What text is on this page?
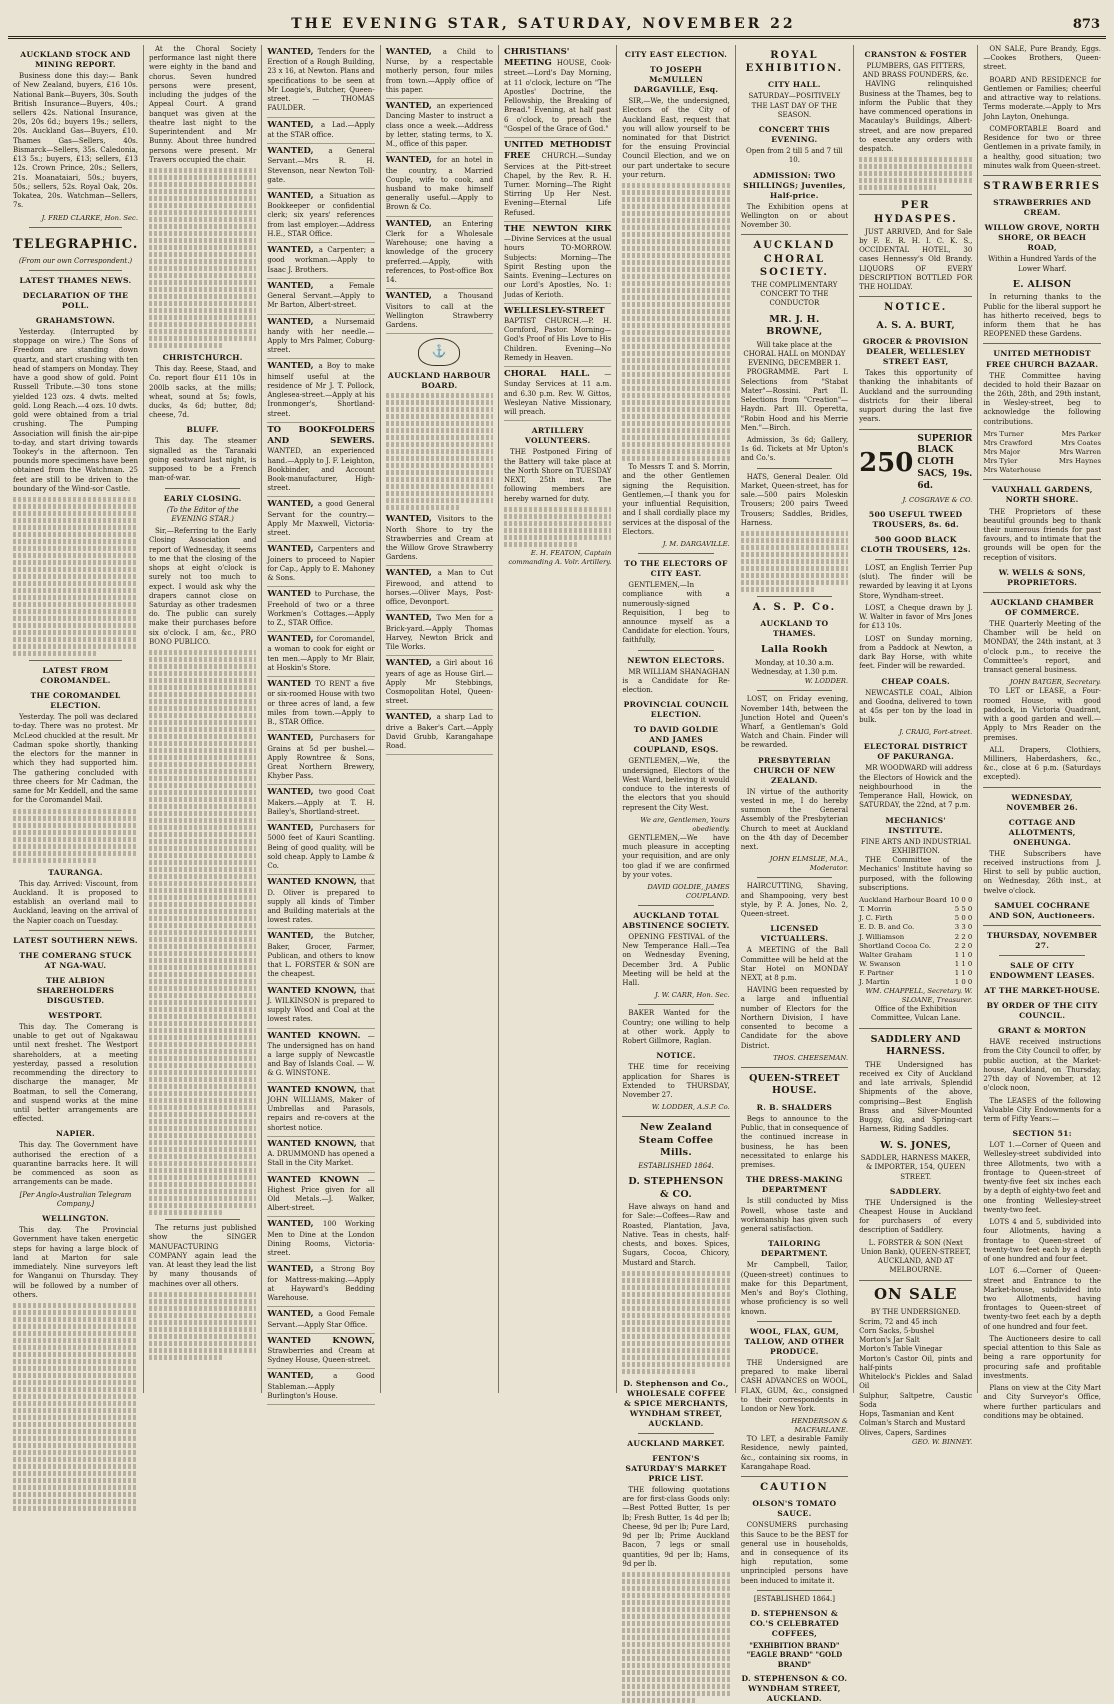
THE EVENING STAR, SATURDAY, NOVEMBER 22	873
AUCKLAND STOCK AND MINING REPORT.

Business done this day:— Bank of New Zealand, buyers, £16 10s. National Bank—Buyers, 30s. South British Insurance—Buyers, 40s.; sellers 42s. National Insurance, 20s, 20s 6d.; buyers 19s.; sellers, 20s. Auckland Gas—Buyers, £10. Thames Gas—Sellers, 40s. Bismarck—Sellers, 35s. Caledonia, £13 5s.; buyers, £13; sellers, £13 12s. Crown Prince, 20s.; Sellers, 21s. Moanataiari, 50s.; buyers, 50s.; sellers, 52s. Royal Oak, 20s. Tokatea, 20s. Watchman—Sellers, 7s.

J. FRED CLARKE, Hon. Sec.
TELEGRAPHIC.
(From our own Correspondent.)
LATEST THAMES NEWS.
DECLARATION OF THE POLL.
GRAHAMSTOWN.

Yesterday. (Interrupted by stoppage on wire.) The Sons of Freedom are standing down quartz, and start crushing with ten head of stampers on Monday. They have a good show of gold. Point Russell Tribute.—30 tons stone yielded 123 ozs. 4 dwts. melted gold. Long Reach.—4 ozs. 10 dwts. gold were obtained from a trial crushing. The Pumping Association will finish the air-pipe to-day, and start driving towards Tookey's in the afternoon. Ten pounds more specimens have been obtained from the Watchman. 25 feet are still to be driven to the boundary of the Wind-sor Castle.

LATEST FROM COROMANDEL.
THE COROMANDEL ELECTION.

Yesterday. The poll was declared to-day. There was no protest. Mr McLeod chuckled at the result. Mr Cadman spoke shortly, thanking the electors for the manner in which they had supported him. The gathering concluded with three cheers for Mr Cadman, the same for Mr Keddell, and the same for the Coromandel Mail.

TAURANGA.

This day. Arrived: Viscount, from Auckland. It is proposed to establish an overland mail to Auckland, leaving on the arrival of the Napier coach on Tuesday.

LATEST SOUTHERN NEWS.
THE COMERANG STUCK AT NGA-WAU.
THE ALBION SHAREHOLDERS DISGUSTED.
WESTPORT.

This day. The Comerang is unable to get out of Ngakawau until next freshet. The Westport shareholders, at a meeting yesterday, passed a resolution recommending the directory to discharge the manager, Mr Boatman, to sell the Comerang, and suspend works at the mine until better arrangements are effected.

NAPIER.

This day. The Government have authorised the erection of a quarantine barracks here. It will be commenced as soon as arrangements can be made.

[Per Anglo-Australian Telegram Company.]
WELLINGTON.

This day. The Provincial Government have taken energetic steps for having a large block of land at Marton for sale immediately. Nine surveyors left for Wanganui on Thursday. They will be followed by a number of others.

At the Choral Society performance last night there were eighty in the band and chorus. Seven hundred persons were present, including the judges of the Appeal Court. A grand banquet was given at the theatre last night to the Superintendent and Mr Bunny. About three hundred persons were present. Mr Travers occupied the chair.

CHRISTCHURCH.

This day. Reese, Staad, and Co. report flour £11 10s in 200lb sacks, at the mills; wheat, sound at 5s; fowls, ducks, 4s 6d; butter, 8d; cheese, 7d.

BLUFF.

This day. The steamer signalled as the Taranaki going eastward last night, is supposed to be a French man-of-war.

EARLY CLOSING.
(To the Editor of the EVENING STAR.)

Sir,—Referring to the Early Closing Association and report of Wednesday, it seems to me that the closing of the shops at eight o'clock is surely not too much to expect. I would ask why the drapers cannot close on Saturday as other tradesmen do. The public can surely make their purchases before six o'clock. I am, &c., PRO BONO PUBLICO.

The returns just published show the SINGER MANUFACTURING COMPANY again lead the van. At least they lead the list by many thousands of machines over all others.

WANTED, Tenders for the Erection of a Rough Building, 23 x 16, at Newton. Plans and specifications to be seen at Mr Loagie's, Butcher, Queen-street. — THOMAS FAULDER.
WANTED, a Lad.—Apply at the STAR office.
WANTED, a General Servant.—Mrs R. H. Stevenson, near Newton Toll-gate.
WANTED, a Situation as Bookkeeper or confidential clerk; six years' references from last employer.—Address H.E., STAR Office.
WANTED, a Carpenter; a good workman.—Apply to Isaac J. Brothers.
WANTED, a Female General Servant.—Apply to Mr Barton, Albert-street.
WANTED, a Nursemaid handy with her needle.—Apply to Mrs Palmer, Coburg-street.
WANTED, a Boy to make himself useful at the residence of Mr J. T. Pollock, Anglesea-street.—Apply at his Ironmonger's, Shortland-street.
TO BOOKFOLDERS AND SEWERS. WANTED, an experienced hand.—Apply to J. F. Leighton, Bookbinder, and Account Book-manufacturer, High-street.
WANTED, a good General Servant for the country.—Apply Mr Maxwell, Victoria-street.
WANTED, Carpenters and Joiners to proceed to Napier for Cap., Apply to E. Mahoney & Sons.
WANTED to Purchase, the Freehold of two or a three Workmen's Cottages.—Apply to Z., STAR Office.
WANTED, for Coromandel, a woman to cook for eight or ten men.—Apply to Mr Blair, at Hoskin's Store.
WANTED TO RENT a five or six-roomed House with two or three acres of land, a few miles from town.—Apply to B., STAR Office.
WANTED, Purchasers for Grains at 5d per bushel.—Apply Rowntree & Sons, Great Northern Brewery, Khyber Pass.
WANTED, two good Coat Makers.—Apply at T. H. Bailey's, Shortland-street.
WANTED, Purchasers for 5000 feet of Kauri Scantling. Being of good quality, will be sold cheap. Apply to Lambe & Co.
WANTED KNOWN, that D. Oliver is prepared to supply all kinds of Timber and Building materials at the lowest rates.
WANTED, the Butcher, Baker, Grocer, Farmer, Publican, and others to know that L. FORSTER & SON are the cheapest.
WANTED KNOWN, that J. WILKINSON is prepared to supply Wood and Coal at the lowest rates.
WANTED KNOWN. —The undersigned has on hand a large supply of Newcastle and Bay of Islands Coal. — W. & G. WINSTONE.
WANTED KNOWN, that JOHN WILLIAMS, Maker of Umbrellas and Parasols, repairs and re-covers at the shortest notice.
WANTED KNOWN, that A. DRUMMOND has opened a Stall in the City Market.
WANTED KNOWN —Highest Price given for all Old Metals.—J. Walker, Albert-street.
WANTED, 100 Working Men to Dine at the London Dining Rooms, Victoria-street.
WANTED, a Strong Boy for Mattress-making.—Apply at Hayward's Bedding Warehouse.
WANTED, a Good Female Servant.—Apply Star Office.
WANTED KNOWN, Strawberries and Cream at Sydney House, Queen-street.
WANTED, a Good Stableman.—Apply Burlington's House.
WANTED, a Child to Nurse, by a respectable motherly person, four miles from town.—Apply office of this paper.
WANTED, an experienced Dancing Master to instruct a class once a week.—Address by letter, stating terms, to X. M., office of this paper.
WANTED, for an hotel in the country, a Married Couple, wife to cook, and husband to make himself generally useful.—Apply to Brown & Co.
WANTED, an Entering Clerk for a Wholesale Warehouse; one having a knowledge of the grocery preferred.—Apply, with references, to Post-office Box 14.
WANTED, a Thousand Visitors to call at the Wellington Strawberry Gardens.
⚓
AUCKLAND HARBOUR BOARD.
WANTED, Visitors to the North Shore to try the Strawberries and Cream at the Willow Grove Strawberry Gardens.
WANTED, a Man to Cut Firewood, and attend to horses.—Oliver Mays, Post-office, Devonport.
WANTED, Two Men for a Brick-yard.—Apply Thomas Harvey, Newton Brick and Tile Works.
WANTED, a Girl about 16 years of age as House Girl.—Apply Mr Stebbings, Cosmopolitan Hotel, Queen-street.
WANTED, a sharp Lad to drive a Baker's Cart.—Apply David Grubb, Karangahape Road.
CHRISTIANS' MEETING HOUSE, Cook-street.—Lord's Day Morning, at 11 o'clock, lecture on "The Apostles' Doctrine, the Fellowship, the Breaking of Bread." Evening, at half past 6 o'clock, to preach the "Gospel of the Grace of God."
UNITED METHODIST FREE CHURCH.—Sunday Services at the Pitt-street Chapel, by the Rev. R. H. Turner. Morning—The Right Stirring Up Her Nest. Evening—Eternal Life Refused.
THE NEWTON KIRK —Divine Services at the usual hours TO-MORROW. Subjects: Morning—The Spirit Resting upon the Saints. Evening—Lectures on our Lord's Apostles, No. 1: Judas of Kerioth.
WELLESLEY-STREET BAPTIST CHURCH.—P. H. Cornford, Pastor. Morning—God's Proof of His Love to His Children. Evening—No Remedy in Heaven.
CHORAL HALL. —Sunday Services at 11 a.m. and 6.30 p.m. Rev. W. Gittos, Wesleyan Native Missionary, will preach.
ARTILLERY VOLUNTEERS.

THE Postponed Firing of the Battery will take place at the North Shore on TUESDAY NEXT, 25th inst. The following members are hereby warned for duty.

E. H. FEATON, Captain commanding A. Volr. Artillery.
CITY EAST ELECTION.
TO JOSEPH McMULLEN DARGAVILLE, Esq.

SIR,—We, the undersigned, Electors of the City of Auckland East, request that you will allow yourself to be nominated for that District for the ensuing Provincial Council Election, and we on our part undertake to secure your return.

To Messrs T. and S. Morrin, and the other Gentlemen signing the Requisition. Gentlemen,—I thank you for your influential Requisition, and I shall cordially place my services at the disposal of the Electors.

J. M. DARGAVILLE.
TO THE ELECTORS OF CITY EAST.

GENTLEMEN,—In compliance with a numerously-signed Requisition, I beg to announce myself as a Candidate for election. Yours, faithfully,

NEWTON ELECTORS.

MR WILLIAM SHANAGHAN is a Candidate for Re-election.

PROVINCIAL COUNCIL ELECTION.
TO DAVID GOLDIE AND JAMES COUPLAND, ESQS.

GENTLEMEN,—We, the undersigned, Electors of the West Ward, believing it would conduce to the interests of the electors that you should represent the City West.

We are, Gentlemen, Yours obediently.

GENTLEMEN,—We have much pleasure in accepting your requisition, and are only too glad if we are confirmed by your votes.

DAVID GOLDIE, JAMES COUPLAND.
AUCKLAND TOTAL ABSTINENCE SOCIETY.

OPENING FESTIVAL of the New Temperance Hall.—Tea on Wednesday Evening, December 3rd. A Public Meeting will be held at the Hall.

J. W. CARR, Hon. Sec.

BAKER Wanted for the Country; one willing to help at other work. Apply to Robert Gillmore, Raglan.

NOTICE.

THE time for receiving application for Shares is Extended to THURSDAY, November 27.

W. LODDER, A.S.P. Co.
New Zealand Steam Coffee Mills.
ESTABLISHED 1864.
D. STEPHENSON & CO.

Have always on hand and for Sale:—Coffees—Raw and Roasted, Plantation, Java, Native. Teas in chests, half-chests, and boxes. Spices, Sugars, Cocoa, Chicory, Mustard and Starch.

D. Stephenson and Co., WHOLESALE COFFEE & SPICE MERCHANTS, WYNDHAM STREET, AUCKLAND.
AUCKLAND MARKET.
FENTON'S SATURDAY'S MARKET PRICE LIST.

THE following quotations are for first-class Goods only:—Best Potted Butter, 1s per lb; Fresh Butter, 1s 4d per lb; Cheese, 9d per lb; Pure Lard, 9d per lb; Prime Auckland Bacon, 7 legs or small quantities, 9d per lb; Hams, 9d per lb.

ROYAL EXHIBITION.
CITY HALL.
SATURDAY—POSITIVELY THE LAST DAY OF THE SEASON.
CONCERT THIS EVENING.
Open from 2 till 5 and 7 till 10.
ADMISSION: TWO SHILLINGS; Juveniles, Half-price.

The Exhibition opens at Wellington on or about November 30.

AUCKLAND CHORAL SOCIETY.
THE COMPLIMENTARY CONCERT TO THE CONDUCTOR
MR. J. H. BROWNE,
Will take place at the CHORAL HALL on MONDAY EVENING, DECEMBER 1.

PROGRAMME. Part I. Selections from "Stabat Mater"—Rossini. Part II. Selections from "Creation"—Haydn. Part III. Operetta, "Robin Hood and his Merrie Men."—Birch.

Admission, 3s 6d; Gallery, 1s 6d. Tickets at Mr Upton's and Co.'s.

HATS, General Dealer. Old Market, Queen-street, has for sale.—500 pairs Moleskin Trousers; 200 pairs Tweed Trousers; Saddles, Bridles, Harness.

A. S. P. Co.
AUCKLAND TO THAMES.
Lalla Rookh
Monday, at 10.30 a.m. Wednesday, at 1.30 p.m.
W. LODDER.

LOST, on Friday evening, November 14th, between the Junction Hotel and Queen's Wharf, a Gentleman's Gold Watch and Chain. Finder will be rewarded.

PRESBYTERIAN CHURCH OF NEW ZEALAND.

IN virtue of the authority vested in me, I do hereby summon the General Assembly of the Presbyterian Church to meet at Auckland on the 4th day of December next.

JOHN ELMSLIE, M.A., Moderator.

HAIRCUTTING, Shaving, and Shampooing, very best style, by P. A. Jones, No. 2, Queen-street.

LICENSED VICTUALLERS.

A MEETING of the Ball Committee will be held at the Star Hotel on MONDAY NEXT, at 8 p.m.

HAVING been requested by a large and influential number of Electors for the Northern Division, I have consented to become a Candidate for the above District.

THOS. CHEESEMAN.
QUEEN-STREET HOUSE.
R. B. SHALDERS

Begs to announce to the Public, that in consequence of the continued increase in business, he has been necessitated to enlarge his premises.

THE DRESS-MAKING DEPARTMENT

Is still conducted by Miss Powell, whose taste and workmanship has given such general satisfaction.

TAILORING DEPARTMENT.

Mr Campbell, Tailor, (Queen-street) continues to make for this Department, Men's and Boy's Clothing, whose proficiency is so well known.

WOOL, FLAX, GUM, TALLOW, AND OTHER PRODUCE.

THE Undersigned are prepared to make liberal CASH ADVANCES on WOOL, FLAX, GUM, &c., consigned to their correspondents in London or New York.

HENDERSON & MACFARLANE.

TO LET, a desirable Family Residence, newly painted, &c., containing six rooms, in Karangahape Road.

CAUTION
OLSON'S TOMATO SAUCE.

CONSUMERS purchasing this Sauce to be the BEST for general use in households, and in consequence of its high reputation, some unprincipled persons have been induced to imitate it.

[ESTABLISHED 1864.]
D. STEPHENSON & CO.'S CELEBRATED COFFEES,
"EXHIBITION BRAND" "EAGLE BRAND" "GOLD BRAND"
D. STEPHENSON & CO. WYNDHAM STREET, AUCKLAND.
CRANSTON & FOSTER
PLUMBERS, GAS FITTERS, AND BRASS FOUNDERS, &c.

HAVING relinquished Business at the Thames, beg to inform the Public that they have commenced operations in Macaulay's Buildings, Albert-street, and are now prepared to execute any orders with despatch.

PER HYDASPES.

JUST ARRIVED, And for Sale by F. E. R. H. I. C. K. S., OCCIDENTAL HOTEL, 30 cases Hennessy's Old Brandy. LIQUORS OF EVERY DESCRIPTION BOTTLED FOR THE HOLIDAY.

NOTICE.
A. S. A. BURT,
GROCER & PROVISION DEALER, WELLESLEY STREET EAST,

Takes this opportunity of thanking the inhabitants of Auckland and the surrounding districts for their liberal support during the last five years.

250
SUPERIOR BLACK CLOTH SACS, 19s. 6d.
J. COSGRAVE & CO.
500 USEFUL TWEED TROUSERS, 8s. 6d.
500 GOOD BLACK CLOTH TROUSERS, 12s.

LOST, an English Terrier Pup (slut). The finder will be rewarded by leaving it at Lyons Store, Wyndham-street.

LOST, a Cheque drawn by J. W. Walter in favor of Mrs Jones for £13 10s.

LOST on Sunday morning, from a Paddock at Newton, a dark Bay Horse, with white feet. Finder will be rewarded.

CHEAP COALS.

NEWCASTLE COAL, Albion and Goodna, delivered to town at 45s per ton by the load in bulk.

J. CRAIG, Fort-street.
ELECTORAL DISTRICT OF PAKURANGA.

MR WOODWARD will address the Electors of Howick and the neighbourhood in the Temperance Hall, Howick, on SATURDAY, the 22nd, at 7 p.m.

MECHANICS' INSTITUTE.
FINE ARTS AND INDUSTRIAL EXHIBITION.

THE Committee of the Mechanics' Institute having so purposed, with the following subscriptions.

Auckland Harbour Board 10 0 0
T. Morrin	5 5 0
J. C. Firth	5 0 0
E. D. B. and Co.	3 3 0
J. Williamson	2 2 0
Shortland Cocoa Co.	2 2 0
Walter Graham	1 1 0
W. Swanson	1 1 0
F. Partner	1 1 0
J. Martin	1 0 0
WM. CHAPPELL, Secretary. W. SLOANE, Treasurer.
Office of the Exhibition Committee, Vulcan Lane.
SADDLERY AND HARNESS.

THE Undersigned has received ex City of Auckland and late arrivals, Splendid Shipments of the above, comprising—Best English Brass and Silver-Mounted Buggy, Gig, and Spring-cart Harness, Riding Saddles.

W. S. JONES,
SADDLER, HARNESS MAKER, & IMPORTER, 154, QUEEN STREET.
SADDLERY.

THE Undersigned is the Cheapest House in Auckland for purchasers of every description of Saddlery.

L. FORSTER & SON (Next Union Bank), QUEEN-STREET, AUCKLAND, AND AT MELBOURNE.
ON SALE
BY THE UNDERSIGNED.
Scrim, 72 and 45 inch
Corn Sacks, 5-bushel
Morton's Jar Salt
Morton's Table Vinegar
Morton's Castor Oil, pints and half-pints
Whitelock's Pickles and Salad Oil
Sulphur, Saltpetre, Caustic Soda
Hops, Tasmanian and Kent
Colman's Starch and Mustard
Olives, Capers, Sardines
GEO. W. BINNEY.

ON SALE, Pure Brandy, Eggs. —Cookes Brothers, Queen-street.

BOARD AND RESIDENCE for Gentlemen or Families; cheerful and attractive way to relations. Terms moderate.—Apply to Mrs John Layton, Onehunga.

COMFORTABLE Board and Residence for two or three Gentlemen in a private family, in a healthy, good situation; two minutes walk from Queen-street.

STRAWBERRIES
STRAWBERRIES AND CREAM.
WILLOW GROVE, NORTH SHORE, OR BEACH ROAD,
Within a Hundred Yards of the Lower Wharf.
E. ALISON

In returning thanks to the Public for the liberal support he has hitherto received, begs to inform them that he has REOPENED these Gardens.

UNITED METHODIST FREE CHURCH BAZAAR.

THE Committee having decided to hold their Bazaar on the 26th, 28th, and 29th instant, in Wesley-street, beg to acknowledge the following contributions.

Mrs Turner	Mrs Parker
Mrs Crawford	Mrs Coates
Mrs Major	Mrs Warren
Mrs Tyler	Mrs Haynes
Mrs Waterhouse
VAUXHALL GARDENS, NORTH SHORE.

THE Proprietors of these beautiful grounds beg to thank their numerous friends for past favours, and to intimate that the grounds will be open for the reception of visitors.

W. WELLS & SONS, PROPRIETORS.
AUCKLAND CHAMBER OF COMMERCE.

THE Quarterly Meeting of the Chamber will be held on MONDAY, the 24th instant, at 3 o'clock p.m., to receive the Committee's report, and transact general business.

JOHN BATGER, Secretary.

TO LET or LEASE, a Four-roomed House, with good paddock, in Victoria Quadrant, with a good garden and well.—Apply to Mrs Reader on the premises.

ALL Drapers, Clothiers, Milliners, Haberdashers, &c., &c., close at 6 p.m. (Saturdays excepted).

WEDNESDAY, NOVEMBER 26.
COTTAGE AND ALLOTMENTS, ONEHUNGA.

THE Subscribers have received instructions from J. Hirst to sell by public auction, on Wednesday, 26th inst., at twelve o'clock.

SAMUEL COCHRANE AND SON, Auctioneers.
THURSDAY, NOVEMBER 27.
SALE OF CITY ENDOWMENT LEASES.
AT THE MARKET-HOUSE.
BY ORDER OF THE CITY COUNCIL.
GRANT & MORTON

HAVE received instructions from the City Council to offer, by public auction, at the Market-house, Auckland, on Thursday, 27th day of November, at 12 o'clock noon,

The LEASES of the following Valuable City Endowments for a term of Fifty Years:—

SECTION 51:

LOT 1.—Corner of Queen and Wellesley-street subdivided into three Allotments, two with a frontage to Queen-street of twenty-five feet six inches each by a depth of eighty-two feet and one fronting Wellesley-street twenty-two feet.

LOTS 4 and 5, subdivided into four Allotments, having a frontage to Queen-street of twenty-two feet each by a depth of one hundred and four feet.

LOT 6.—Corner of Queen-street and Entrance to the Market-house, subdivided into two Allotments, having frontages to Queen-street of twenty-two feet each by a depth of one hundred and four feet.

The Auctioneers desire to call special attention to this Sale as being a rare opportunity for procuring safe and profitable investments.

Plans on view at the City Mart and City Surveyor's Office, where further particulars and conditions may be obtained.
